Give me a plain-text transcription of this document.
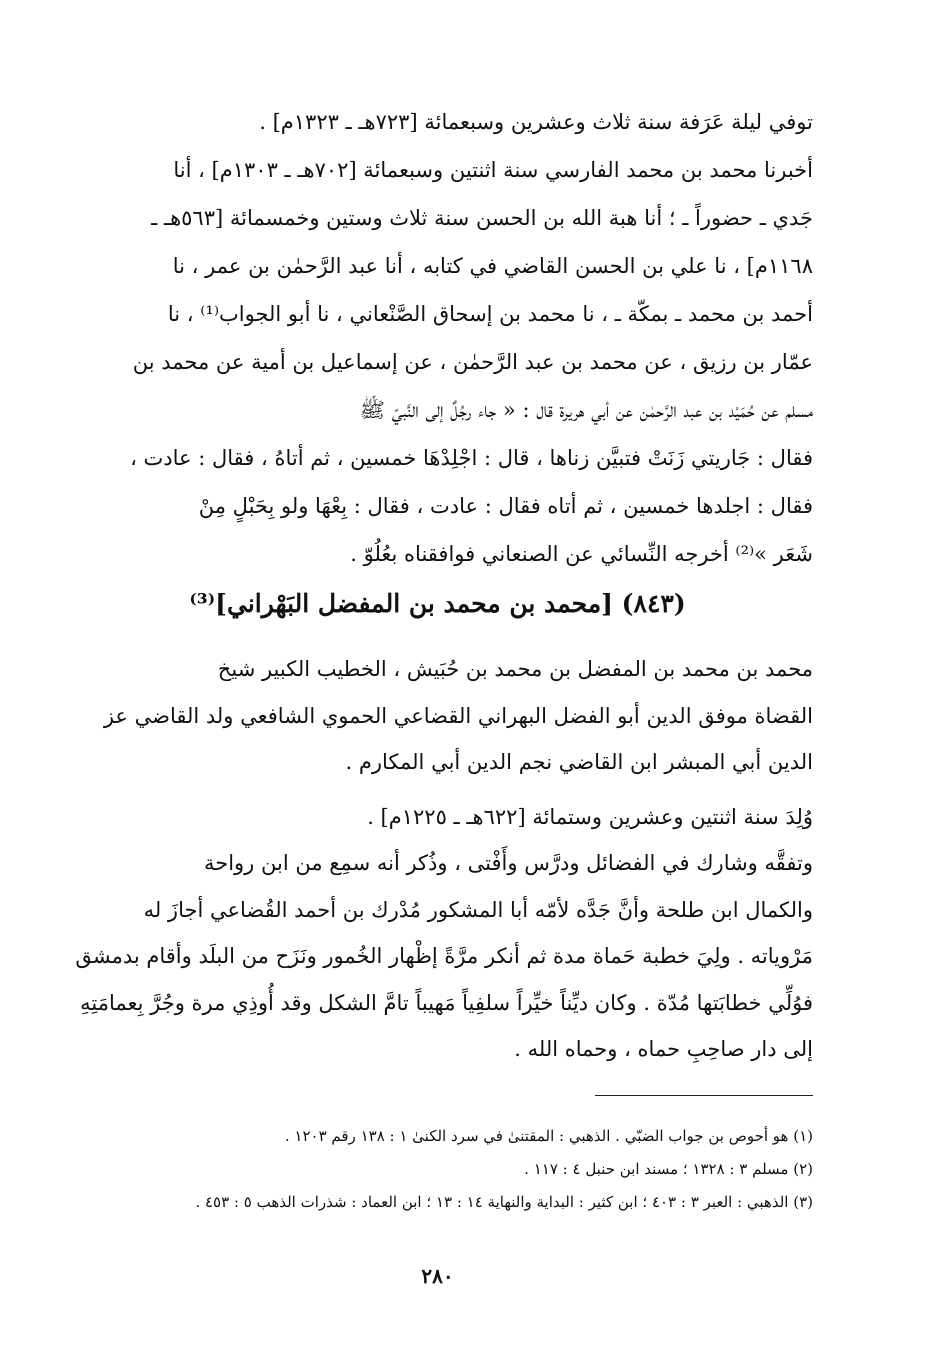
توفي ليلة عَرَفة سنة ثلاث وعشرين وسبعمائة [٧٢٣هـ ـ ١٣٢٣م] .

أخبرنا محمد بن محمد الفارسي سنة اثنتين وسبعمائة [٧٠٢هـ ـ ١٣٠٣م] ، أنا

جَدي ـ حضوراً ـ ؛ أنا هبة الله بن الحسن سنة ثلاث وستين وخمسمائة [٥٦٣هـ ـ

١١٦٨م] ، نا علي بن الحسن القاضي في كتابه ، أنا عبد الرَّحمٰن بن عمر ، نا

أحمد بن محمد ـ بمكّة ـ ، نا محمد بن إسحاق الصَّنْعاني ، نا أبو الجواب⁽¹⁾ ، نا

عمّار بن رزيق ، عن محمد بن عبد الرَّحمٰن ، عن إسماعيل بن أمية عن محمد بن

مسلم عن حُمَيْد بن عبد الرَّحمٰن عن أبي هريرة قال : « جاء رجُلٌ إلى النَّبيّ ﷺ

فقال : جَاريتي زَنَتْ فتبيَّن زناها ، قال : اجْلِدْهَا خمسين ، ثم أتاهُ ، فقال : عادت ،

فقال : اجلدها خمسين ، ثم أتاه فقال : عادت ، فقال : بِعْهَا ولو بِحَبْلٍ مِنْ

شَعَر »⁽²⁾ أخرجه النِّسائي عن الصنعاني فوافقناه بعُلُوّ .

(٨٤٣) [محمد بن محمد بن المفضل البَهْراني]⁽³⁾

محمد بن محمد بن المفضل بن محمد بن حُبَيش ، الخطيب الكبير شيخ

القضاة موفق الدين أبو الفضل البهراني القضاعي الحموي الشافعي ولد القاضي عز

الدين أبي المبشر ابن القاضي نجم الدين أبي المكارم .

وُلِدَ سنة اثنتين وعشرين وستمائة [٦٢٢هـ ـ ١٢٢٥م] .

وتفقَّه وشارك في الفضائل ودرَّس وأَفْتى ، وذُكر أنه سمِع من ابن رواحة

والكمال ابن طلحة وأنَّ جَدَّه لأمّه أبا المشكور مُدْرك بن أحمد القُضاعي أجازَ له

مَرْوياته . ولِيَ خطبة حَماة مدة ثم أنكر مرَّةً إظْهار الخُمور ونَزَح من البلَد وأقام بدمشق

فوُلِّي خطابَتها مُدّة . وكان ديِّناً خيِّراً سلفِياً مَهيباً تامَّ الشكل وقد أُوذِي مرة وجُرَّ بِعمامَتِهِ

إلى دار صاحِبِ حماه ، وحماه الله .

(١) هو أحوص بن جواب الضبّي . الذهبي : المقتنىٰ في سرد الكنىٰ ١ : ١٣٨ رقم ١٢٠٣ .

(٢) مسلم ٣ : ١٣٢٨ ؛ مسند ابن حنبل ٤ : ١١٧ .

(٣) الذهبي : العبر ٣ : ٤٠٣ ؛ ابن كثير : البداية والنهاية ١٤ : ١٣ ؛ ابن العماد : شذرات الذهب ٥ : ٤٥٣ .

٢٨٠
